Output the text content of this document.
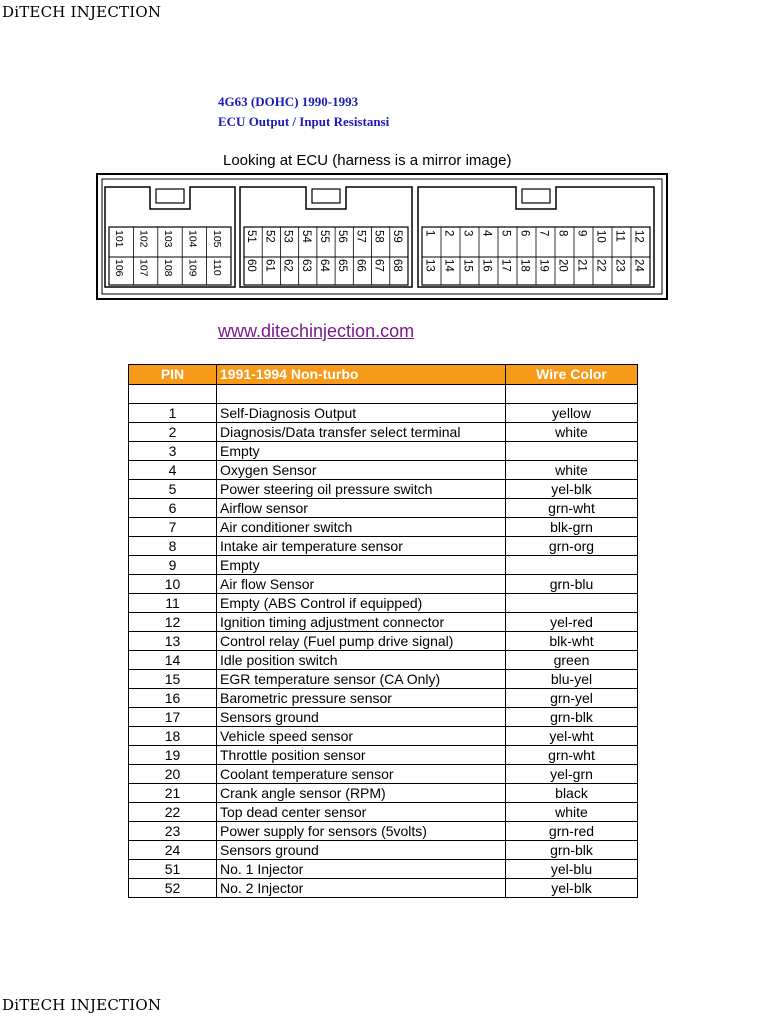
DiTECH INJECTION
4G63 (DOHC) 1990-1993
ECU Output / Input Resistansi
Looking at ECU (harness is a mirror image)
101 102 103 104 105
106 107 108 109 110
51 52 53 54 55 56 57 58 59
60 61 62 63 64 65 66 67 68
1 2 3 4 5 6 7 8 9 10 11 12
13 14 15 16 17 18 19 20 21 22 23 24
www.ditechinjection.com
PIN	1991-1994 Non-turbo	Wire Color

1	Self-Diagnosis Output	yellow
2	Diagnosis/Data transfer select terminal	white
3	Empty	
4	Oxygen Sensor	white
5	Power steering oil pressure switch	yel-blk
6	Airflow sensor	grn-wht
7	Air conditioner switch	blk-grn
8	Intake air temperature sensor	grn-org
9	Empty	
10	Air flow Sensor	grn-blu
11	Empty (ABS Control if equipped)	
12	Ignition timing adjustment connector	yel-red
13	Control relay (Fuel pump drive signal)	blk-wht
14	Idle position switch	green
15	EGR temperature sensor (CA Only)	blu-yel
16	Barometric pressure sensor	grn-yel
17	Sensors ground	grn-blk
18	Vehicle speed sensor	yel-wht
19	Throttle position sensor	grn-wht
20	Coolant temperature sensor	yel-grn
21	Crank angle sensor (RPM)	black
22	Top dead center sensor	white
23	Power supply for sensors (5volts)	grn-red
24	Sensors ground	grn-blk
51	No. 1 Injector	yel-blu
52	No. 2 Injector	yel-blk
DiTECH INJECTION
